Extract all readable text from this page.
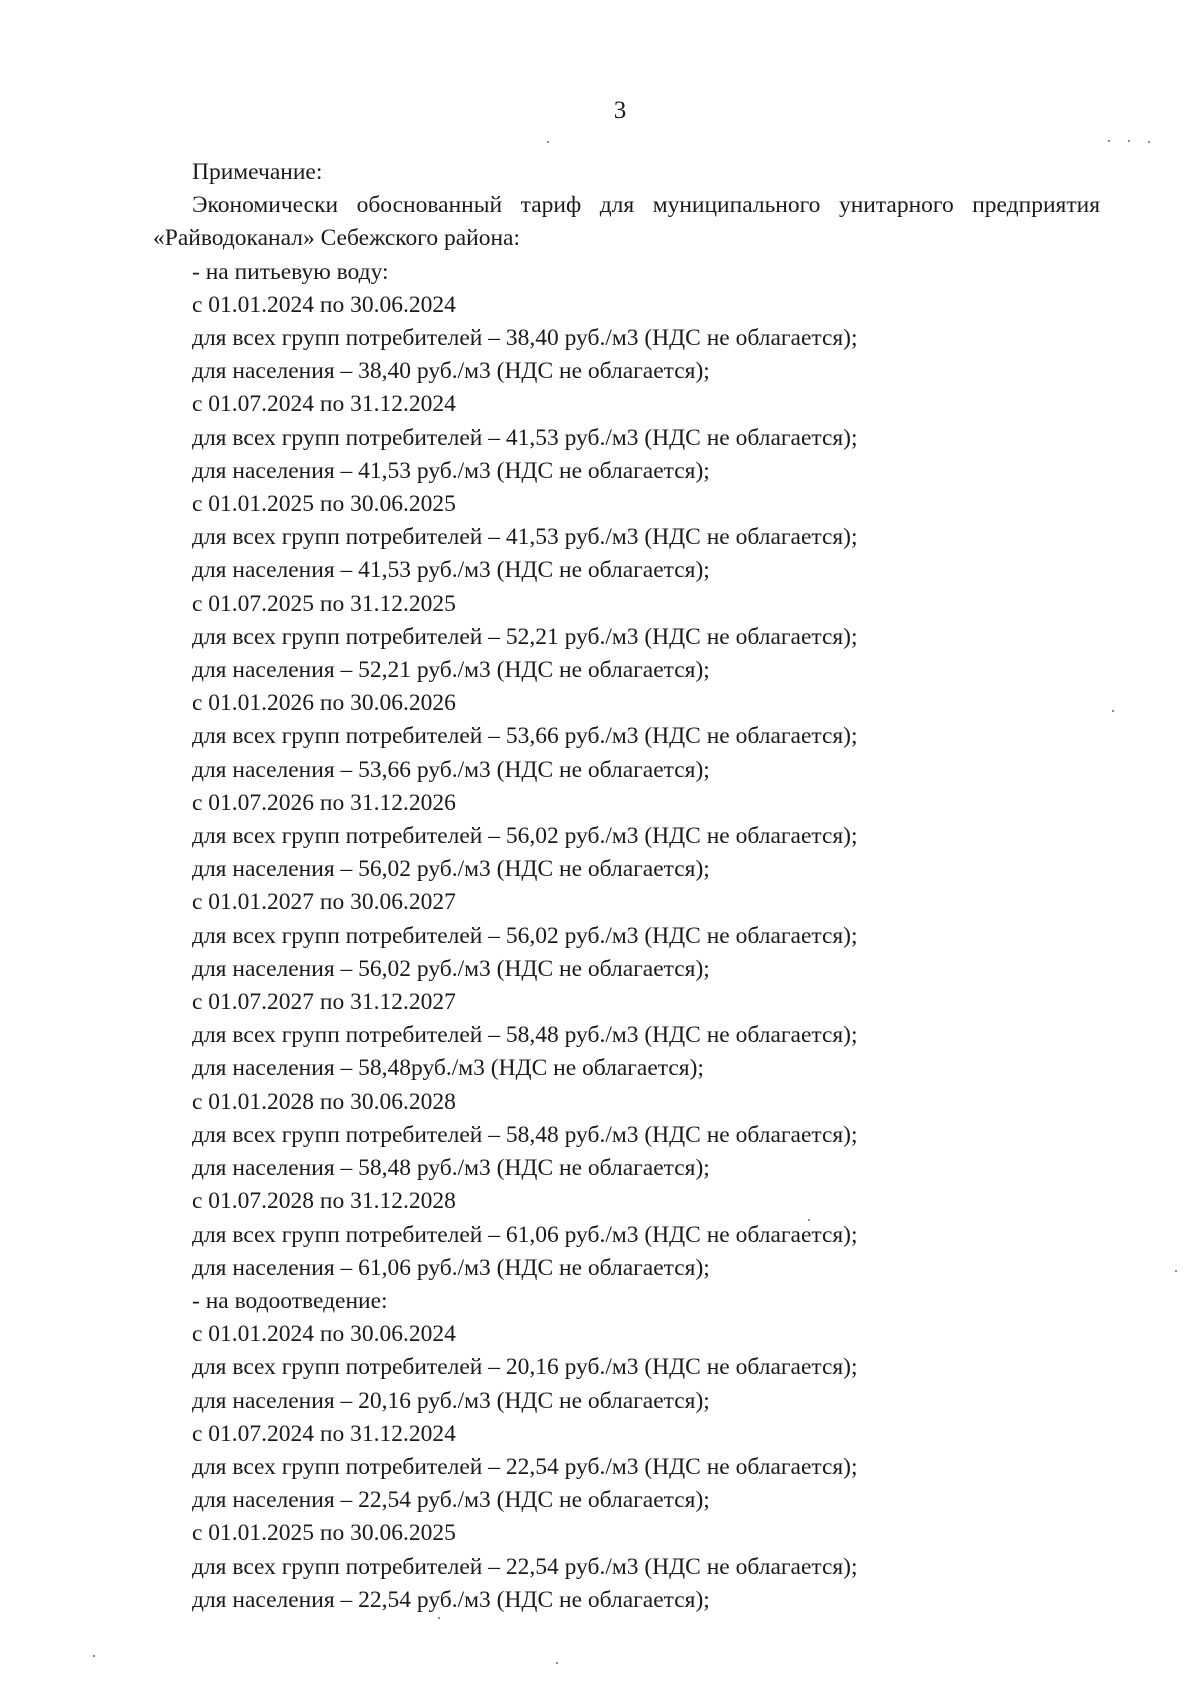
3
Примечание:
Экономически обоснованный тариф для муниципального унитарного предприятия
«Райводоканал» Себежского района:
- на питьевую воду:
с 01.01.2024 по 30.06.2024
для всех групп потребителей – 38,40 руб./м3 (НДС не облагается);
для населения – 38,40 руб./м3 (НДС не облагается);
с 01.07.2024 по 31.12.2024
для всех групп потребителей – 41,53 руб./м3 (НДС не облагается);
для населения – 41,53 руб./м3 (НДС не облагается);
с 01.01.2025 по 30.06.2025
для всех групп потребителей – 41,53 руб./м3 (НДС не облагается);
для населения – 41,53 руб./м3 (НДС не облагается);
с 01.07.2025 по 31.12.2025
для всех групп потребителей – 52,21 руб./м3 (НДС не облагается);
для населения – 52,21 руб./м3 (НДС не облагается);
с 01.01.2026 по 30.06.2026
для всех групп потребителей – 53,66 руб./м3 (НДС не облагается);
для населения – 53,66 руб./м3 (НДС не облагается);
с 01.07.2026 по 31.12.2026
для всех групп потребителей – 56,02 руб./м3 (НДС не облагается);
для населения – 56,02 руб./м3 (НДС не облагается);
с 01.01.2027 по 30.06.2027
для всех групп потребителей – 56,02 руб./м3 (НДС не облагается);
для населения – 56,02 руб./м3 (НДС не облагается);
с 01.07.2027 по 31.12.2027
для всех групп потребителей – 58,48 руб./м3 (НДС не облагается);
для населения – 58,48руб./м3 (НДС не облагается);
с 01.01.2028 по 30.06.2028
для всех групп потребителей – 58,48 руб./м3 (НДС не облагается);
для населения – 58,48 руб./м3 (НДС не облагается);
с 01.07.2028 по 31.12.2028
для всех групп потребителей – 61,06 руб./м3 (НДС не облагается);
для населения – 61,06 руб./м3 (НДС не облагается);
- на водоотведение:
с 01.01.2024 по 30.06.2024
для всех групп потребителей – 20,16 руб./м3 (НДС не облагается);
для населения – 20,16 руб./м3 (НДС не облагается);
с 01.07.2024 по 31.12.2024
для всех групп потребителей – 22,54 руб./м3 (НДС не облагается);
для населения – 22,54 руб./м3 (НДС не облагается);
с 01.01.2025 по 30.06.2025
для всех групп потребителей – 22,54 руб./м3 (НДС не облагается);
для населения – 22,54 руб./м3 (НДС не облагается);
